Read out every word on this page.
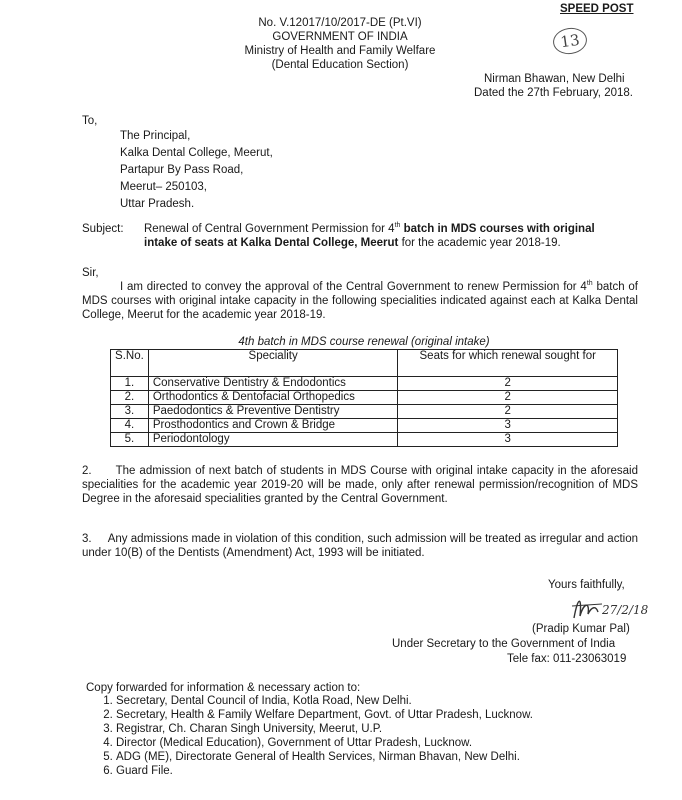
No. V.12017/10/2017-DE (Pt.VI)
SPEED POST
GOVERNMENT OF INDIA
Ministry of Health and Family Welfare
(Dental Education Section)
13
Nirman Bhawan, New Delhi
Dated the 27th February, 2018.
To,
The Principal,
Kalka Dental College, Meerut,
Partapur By Pass Road,
Meerut– 250103,
Uttar Pradesh.
Subject: Renewal of Central Government Permission for 4th batch in MDS courses with original
intake of seats at Kalka Dental College, Meerut for the academic year 2018-19.
Sir,
I am directed to convey the approval of the Central Government to renew Permission for 4th batch of MDS courses with original intake capacity in the following specialities indicated against each at Kalka Dental College, Meerut for the academic year 2018-19.
4th batch in MDS course renewal (original intake)
S.No.	Speciality	Seats for which renewal sought for
1.	Conservative Dentistry & Endodontics	2
2.	Orthodontics & Dentofacial Orthopedics	2
3.	Paedodontics & Preventive Dentistry	2
4.	Prosthodontics and Crown & Bridge	3
5.	Periodontology	3
2.      The admission of next batch of students in MDS Course with original intake capacity in the aforesaid specialities for the academic year 2019-20 will be made, only after renewal permission/recognition of MDS Degree in the aforesaid specialities granted by the Central Government.
3.     Any admissions made in violation of this condition, such admission will be treated as irregular and action under 10(B) of the Dentists (Amendment) Act, 1993 will be initiated.
Yours faithfully,
27/2/18
(Pradip Kumar Pal)
Under Secretary to the Government of India
Tele fax: 011-23063019
Copy forwarded for information & necessary action to:
1. Secretary, Dental Council of India, Kotla Road, New Delhi.
2. Secretary, Health & Family Welfare Department, Govt. of Uttar Pradesh, Lucknow.
3. Registrar, Ch. Charan Singh University, Meerut, U.P.
4. Director (Medical Education), Government of Uttar Pradesh, Lucknow.
5. ADG (ME), Directorate General of Health Services, Nirman Bhavan, New Delhi.
6. Guard File.
